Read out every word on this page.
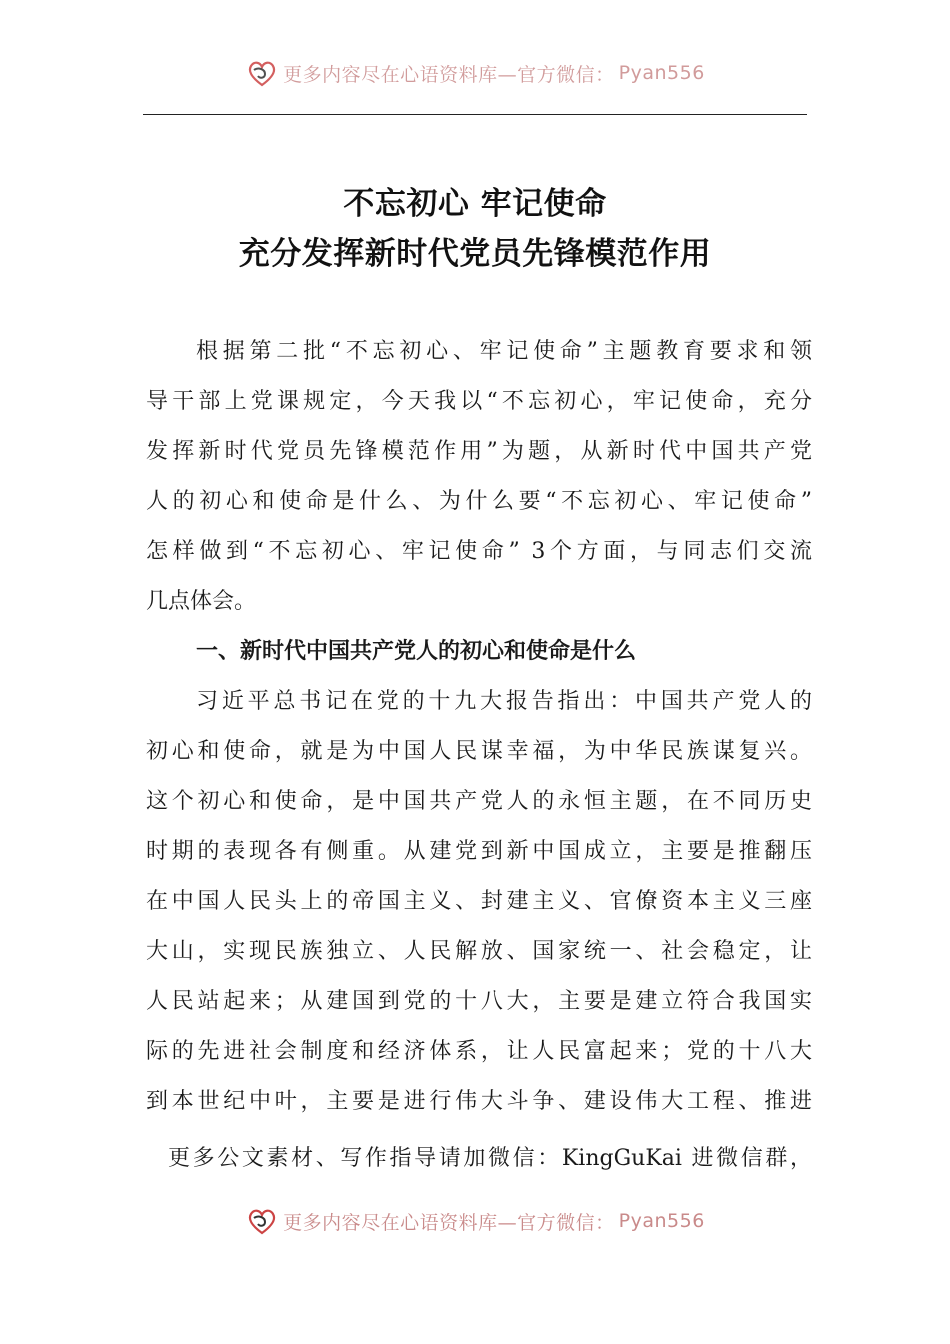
更多内容尽在心语资料库—官方微信： Pyan556
不忘初心 牢记使命
充分发挥新时代党员先锋模范作用
根据第二批“不忘初心、牢记使命”主题教育要求和领
导干部上党课规定，今天我以“不忘初心，牢记使命，充分
发挥新时代党员先锋模范作用”为题，从新时代中国共产党
人的初心和使命是什么、为什么要“不忘初心、牢记使命”
怎样做到“不忘初心、牢记使命” 3个方面，与同志们交流
几点体会。
一、新时代中国共产党人的初心和使命是什么
习近平总书记在党的十九大报告指出：中国共产党人的
初心和使命，就是为中国人民谋幸福，为中华民族谋复兴。
这个初心和使命，是中国共产党人的永恒主题，在不同历史
时期的表现各有侧重。从建党到新中国成立，主要是推翻压
在中国人民头上的帝国主义、封建主义、官僚资本主义三座
大山，实现民族独立、人民解放、国家统一、社会稳定，让
人民站起来；从建国到党的十八大，主要是建立符合我国实
际的先进社会制度和经济体系，让人民富起来；党的十八大
到本世纪中叶，主要是进行伟大斗争、建设伟大工程、推进
更多公文素材、写作指导请加微信：KingGuKai 进微信群，
更多内容尽在心语资料库—官方微信： Pyan556
